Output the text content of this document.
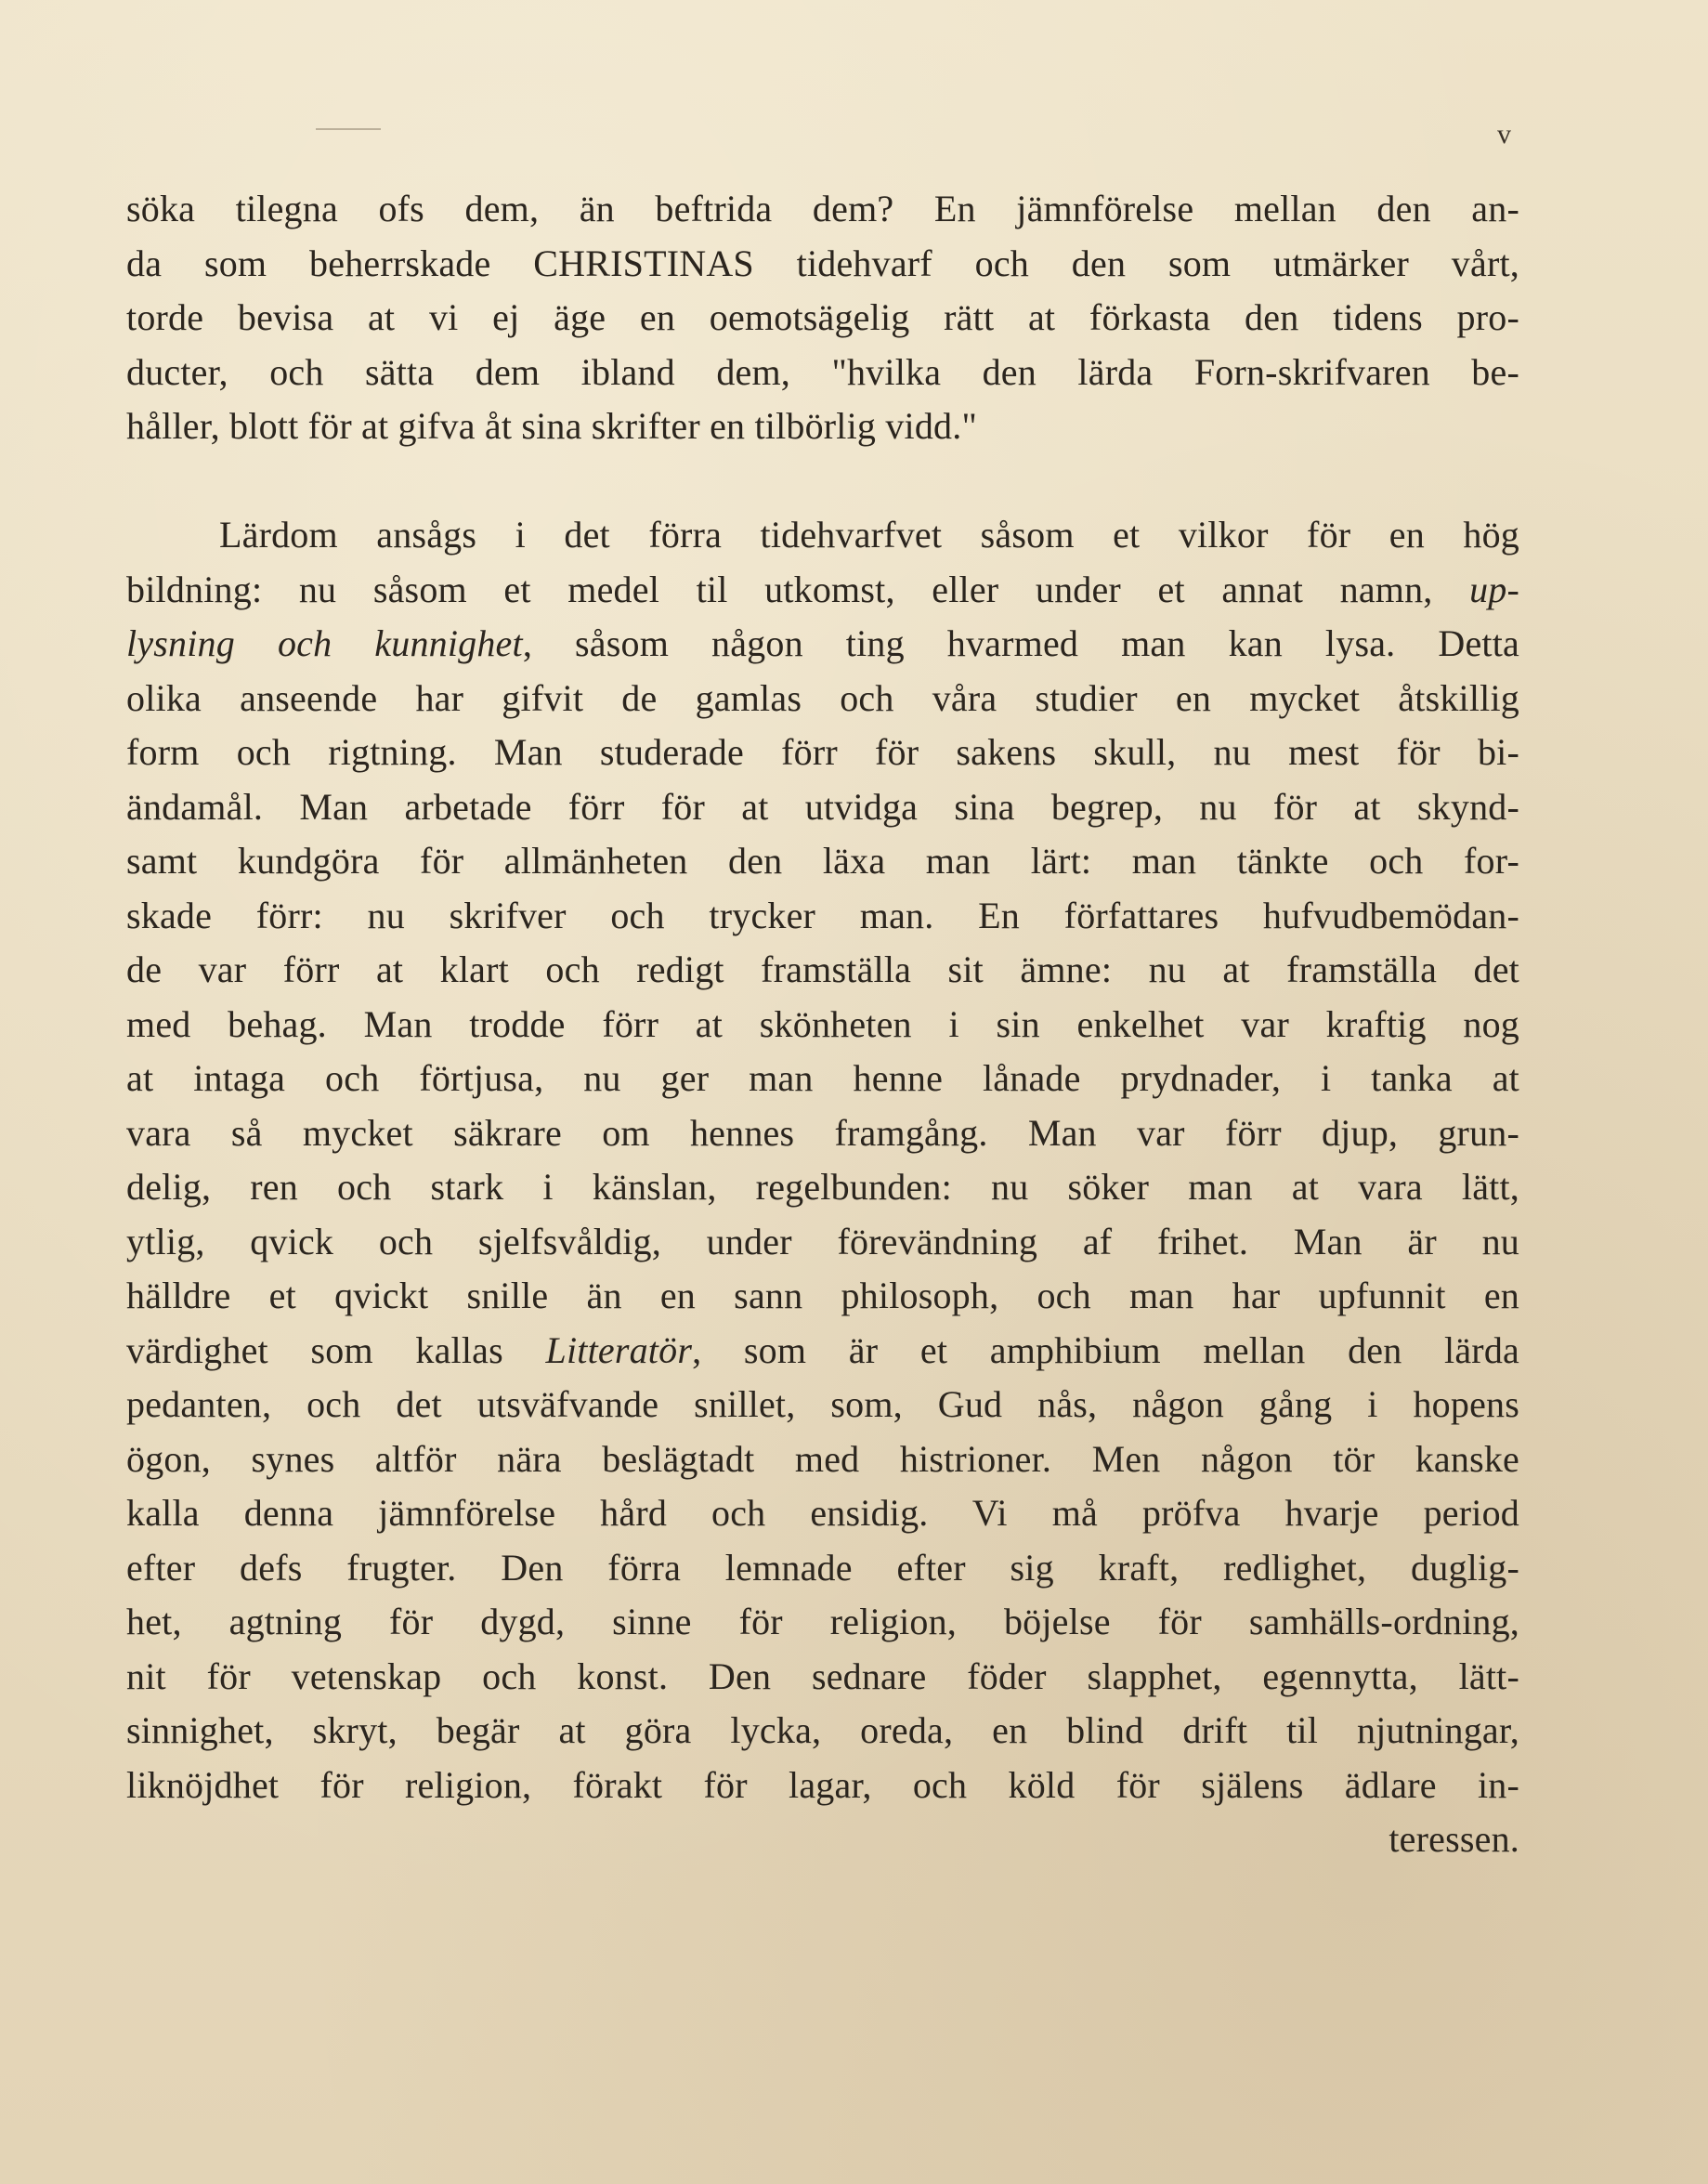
v
söka tilegna ofs dem, än beftrida dem? En jämnförelse mellan den an-
da som beherrskade CHRISTINAS tidehvarf och den som utmärker vårt,
torde bevisa at vi ej äge en oemotsägelig rätt at förkasta den tidens pro-
ducter, och sätta dem ibland dem, "hvilka den lärda Forn-skrifvaren be-
håller, blott för at gifva åt sina skrifter en tilbörlig vidd."
Lärdom ansågs i det förra tidehvarfvet såsom et vilkor för en hög
bildning: nu såsom et medel til utkomst, eller under et annat namn, up-
lysning och kunnighet, såsom någon ting hvarmed man kan lysa. Detta
olika anseende har gifvit de gamlas och våra studier en mycket åtskillig
form och rigtning. Man studerade förr för sakens skull, nu mest för bi-
ändamål. Man arbetade förr för at utvidga sina begrep, nu för at skynd-
samt kundgöra för allmänheten den läxa man lärt: man tänkte och for-
skade förr: nu skrifver och trycker man. En författares hufvudbemödan-
de var förr at klart och redigt framställa sit ämne: nu at framställa det
med behag. Man trodde förr at skönheten i sin enkelhet var kraftig nog
at intaga och förtjusa, nu ger man henne lånade prydnader, i tanka at
vara så mycket säkrare om hennes framgång. Man var förr djup, grun-
delig, ren och stark i känslan, regelbunden: nu söker man at vara lätt,
ytlig, qvick och sjelfsvåldig, under förevändning af frihet. Man är nu
hälldre et qvickt snille än en sann philosoph, och man har upfunnit en
värdighet som kallas Litteratör, som är et amphibium mellan den lärda
pedanten, och det utsväfvande snillet, som, Gud nås, någon gång i hopens
ögon, synes altför nära beslägtadt med histrioner. Men någon tör kanske
kalla denna jämnförelse hård och ensidig. Vi må pröfva hvarje period
efter defs frugter. Den förra lemnade efter sig kraft, redlighet, duglig-
het, agtning för dygd, sinne för religion, böjelse för samhälls-ordning,
nit för vetenskap och konst. Den sednare föder slapphet, egennytta, lätt-
sinnighet, skryt, begär at göra lycka, oreda, en blind drift til njutningar,
liknöjdhet för religion, förakt för lagar, och köld för själens ädlare in-
teressen.
